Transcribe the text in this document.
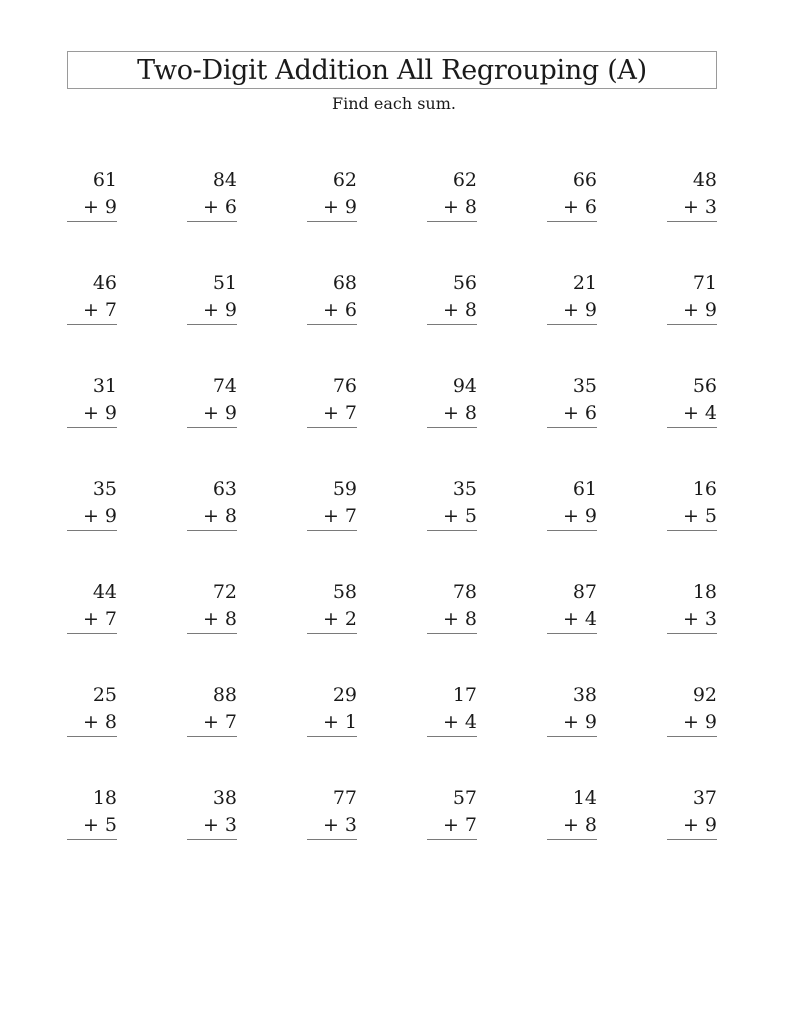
Two-Digit Addition All Regrouping (A)
Find each sum.
61
+ 9
84
+ 6
62
+ 9
62
+ 8
66
+ 6
48
+ 3
46
+ 7
51
+ 9
68
+ 6
56
+ 8
21
+ 9
71
+ 9
31
+ 9
74
+ 9
76
+ 7
94
+ 8
35
+ 6
56
+ 4
35
+ 9
63
+ 8
59
+ 7
35
+ 5
61
+ 9
16
+ 5
44
+ 7
72
+ 8
58
+ 2
78
+ 8
87
+ 4
18
+ 3
25
+ 8
88
+ 7
29
+ 1
17
+ 4
38
+ 9
92
+ 9
18
+ 5
38
+ 3
77
+ 3
57
+ 7
14
+ 8
37
+ 9
